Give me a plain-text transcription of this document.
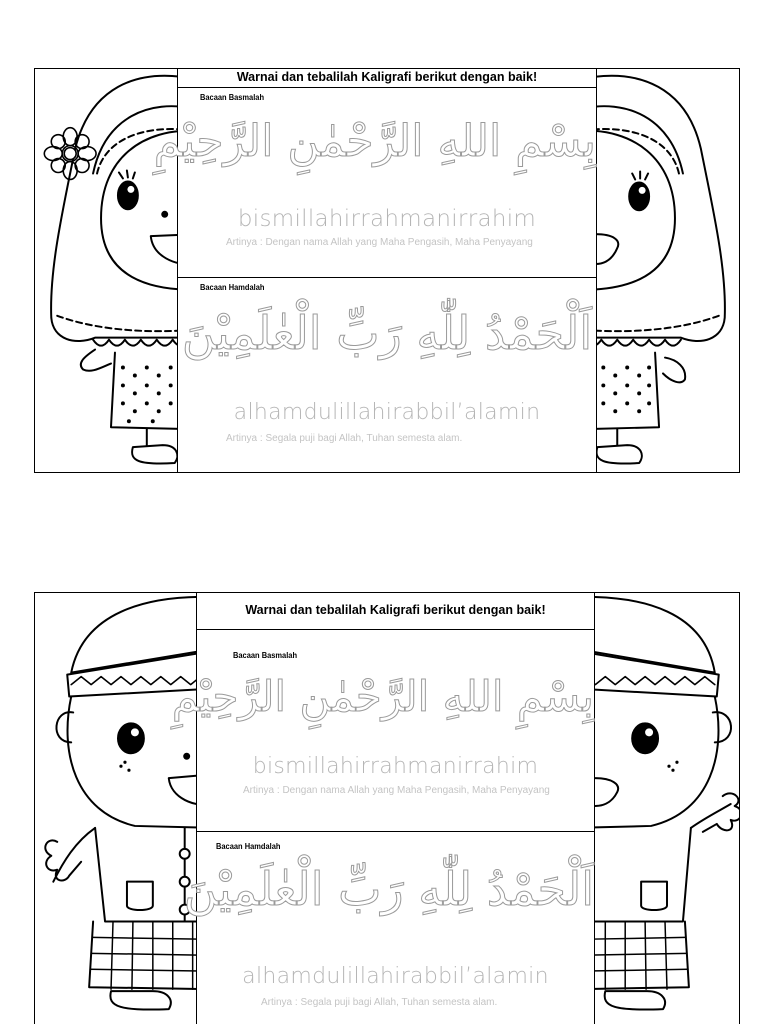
Warnai dan tebalilah Kaligrafi berikut dengan baik!
Bacaan Basmalah
بِسْمِ اللهِ الرَّحْمٰنِ الرَّحِيْمِ
bismillahirrahmanirrahim
Artinya : Dengan nama Allah yang Maha Pengasih, Maha Penyayang
Bacaan Hamdalah
اَلْحَمْدُ لِلّٰهِ رَبِّ الْعٰلَمِيْنَ
alhamdulillahirabbil’alamin
Artinya : Segala puji bagi Allah, Tuhan semesta alam.
Warnai dan tebalilah Kaligrafi berikut dengan baik!
Bacaan Basmalah
بِسْمِ اللهِ الرَّحْمٰنِ الرَّحِيْمِ
bismillahirrahmanirrahim
Artinya : Dengan nama Allah yang Maha Pengasih, Maha Penyayang
Bacaan Hamdalah
اَلْحَمْدُ لِلّٰهِ رَبِّ الْعٰلَمِيْنَ
alhamdulillahirabbil’alamin
Artinya : Segala puji bagi Allah, Tuhan semesta alam.
